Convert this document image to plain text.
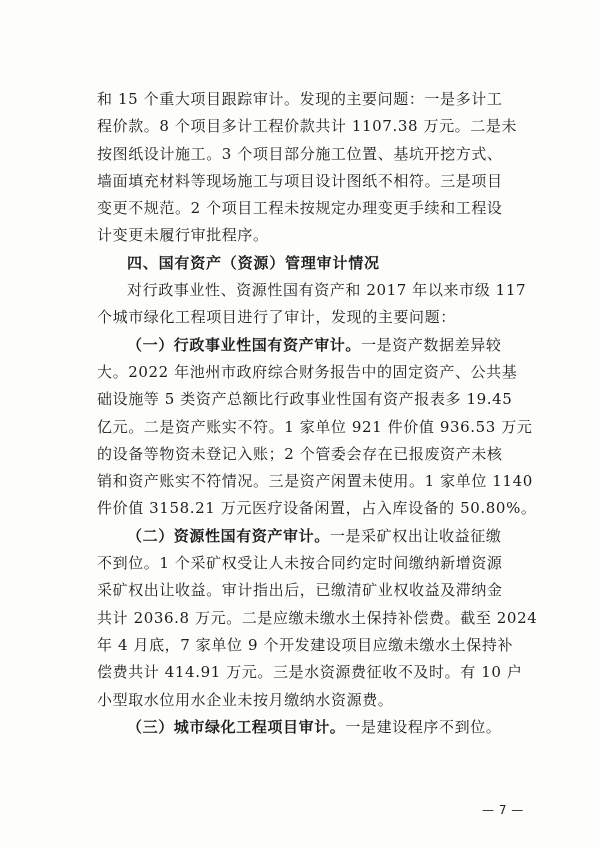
和 15 个重大项目跟踪审计。发现的主要问题：一是多计工
程价款。8 个项目多计工程价款共计 1107.38 万元。二是未
按图纸设计施工。3 个项目部分施工位置、基坑开挖方式、
墙面填充材料等现场施工与项目设计图纸不相符。三是项目
变更不规范。2 个项目工程未按规定办理变更手续和工程设
计变更未履行审批程序。
四、国有资产（资源）管理审计情况
对行政事业性、资源性国有资产和 2017 年以来市级 117
个城市绿化工程项目进行了审计，发现的主要问题：
（一）行政事业性国有资产审计。一是资产数据差异较
大。2022 年池州市政府综合财务报告中的固定资产、公共基
础设施等 5 类资产总额比行政事业性国有资产报表多 19.45
亿元。二是资产账实不符。1 家单位 921 件价值 936.53 万元
的设备等物资未登记入账；2 个管委会存在已报废资产未核
销和资产账实不符情况。三是资产闲置未使用。1 家单位 1140
件价值 3158.21 万元医疗设备闲置，占入库设备的 50.80%。
（二）资源性国有资产审计。一是采矿权出让收益征缴
不到位。1 个采矿权受让人未按合同约定时间缴纳新增资源
采矿权出让收益。审计指出后，已缴清矿业权收益及滞纳金
共计 2036.8 万元。二是应缴未缴水土保持补偿费。截至 2024
年 4 月底，7 家单位 9 个开发建设项目应缴未缴水土保持补
偿费共计 414.91 万元。三是水资源费征收不及时。有 10 户
小型取水位用水企业未按月缴纳水资源费。
（三）城市绿化工程项目审计。一是建设程序不到位。
— 7 —
